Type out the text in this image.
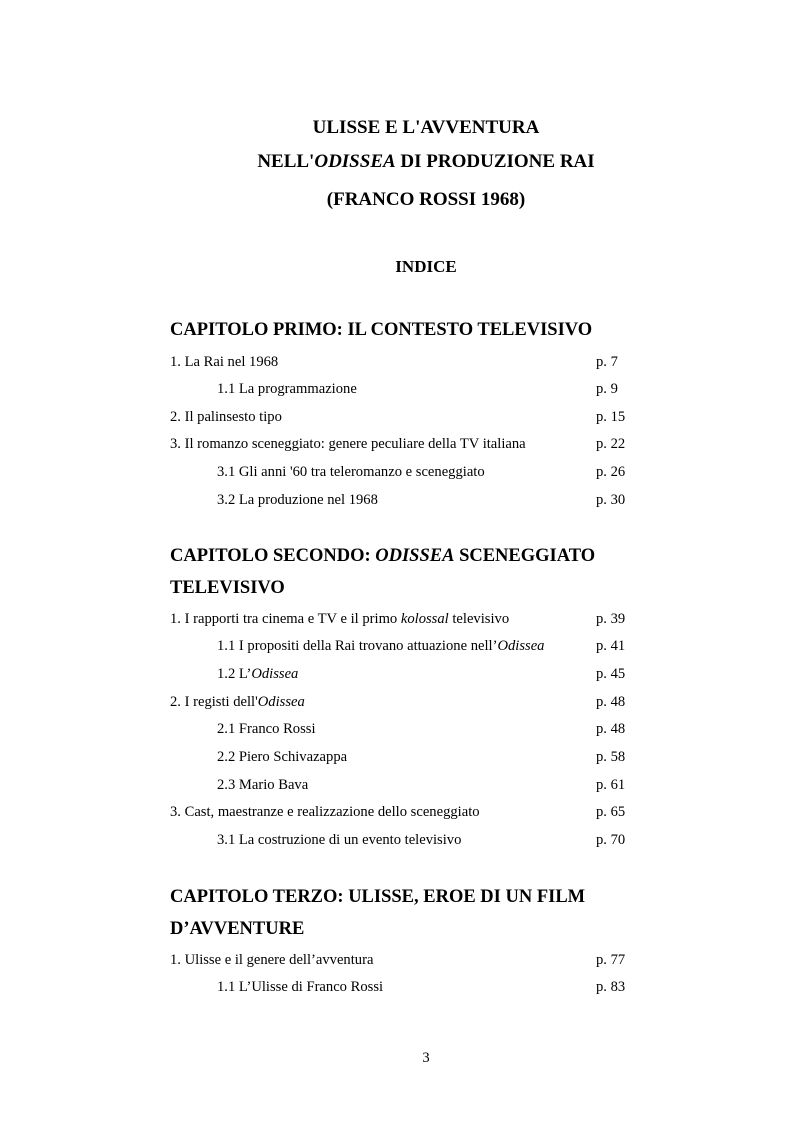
ULISSE E L'AVVENTURA
NELL'ODISSEA DI PRODUZIONE RAI
(FRANCO ROSSI 1968)
INDICE
CAPITOLO PRIMO: IL CONTESTO TELEVISIVO
1. La Rai nel 1968	p. 7
1.1 La programmazione	p. 9
2. Il palinsesto tipo	p. 15
3. Il romanzo sceneggiato: genere peculiare della TV italiana	p. 22
3.1 Gli anni '60 tra teleromanzo e sceneggiato	p. 26
3.2 La produzione nel 1968	p. 30
CAPITOLO SECONDO: ODISSEA SCENEGGIATO
TELEVISIVO
1. I rapporti tra cinema e TV e il primo kolossal televisivo	p. 39
1.1 I propositi della Rai trovano attuazione nell’Odissea	p. 41
1.2 L’Odissea	p. 45
2. I registi dell'Odissea	p. 48
2.1 Franco Rossi	p. 48
2.2 Piero Schivazappa	p. 58
2.3 Mario Bava	p. 61
3. Cast, maestranze e realizzazione dello sceneggiato	p. 65
3.1 La costruzione di un evento televisivo	p. 70
CAPITOLO TERZO: ULISSE, EROE DI UN FILM
D’AVVENTURE
1. Ulisse e il genere dell’avventura	p. 77
1.1 L’Ulisse di Franco Rossi	p. 83
3
